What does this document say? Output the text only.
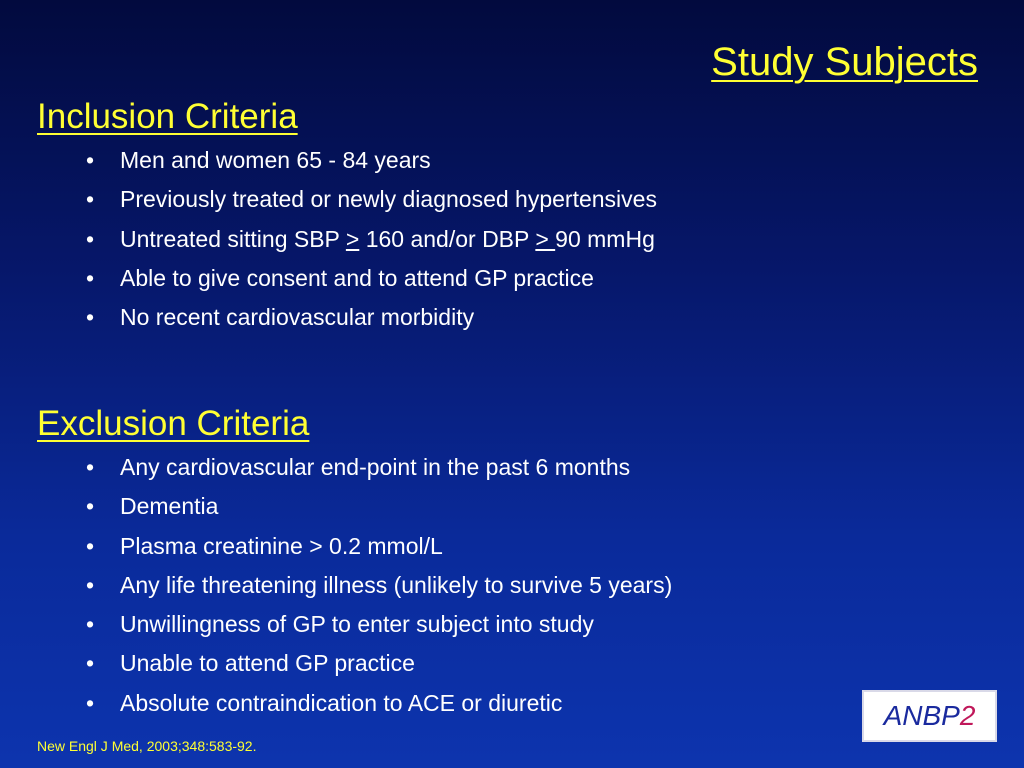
Study Subjects
Inclusion Criteria
• Men and women 65 - 84 years
• Previously treated or newly diagnosed hypertensives
• Untreated sitting SBP > 160 and/or DBP > 90 mmHg
• Able to give consent and to attend GP practice
• No recent cardiovascular morbidity
Exclusion Criteria
• Any cardiovascular end-point in the past 6 months
• Dementia
• Plasma creatinine > 0.2 mmol/L
• Any life threatening illness (unlikely to survive 5 years)
• Unwillingness of GP to enter subject into study
• Unable to attend GP practice
• Absolute contraindication to ACE or diuretic
New Engl J Med, 2003;348:583-92.
ANBP 2
